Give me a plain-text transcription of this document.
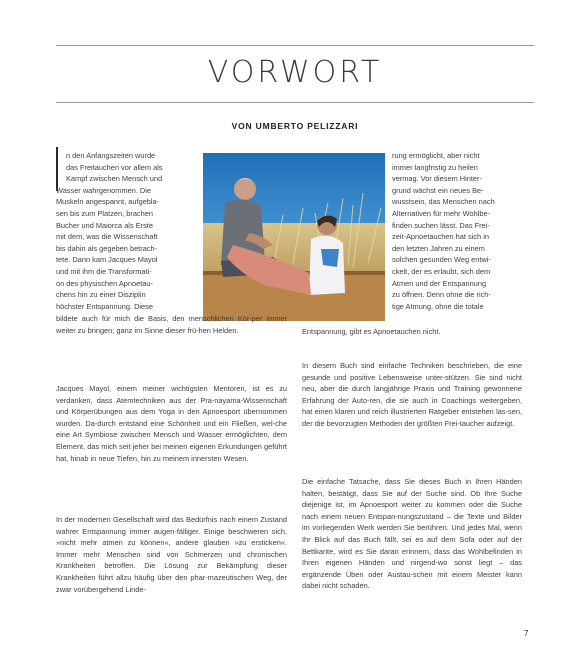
VORWORT
VON UMBERTO PELIZZARI
n den Anfangszeiten wurde
das Freitauchen vor allem als
Kampf zwischen Mensch und
Wasser wahrgenommen. Die
Muskeln angespannt, aufgebla-
sen bis zum Platzen, brachen
Bucher und Maiorca als Erste
mit dem, was die Wissenschaft
bis dahin als gegeben betrach-
tete. Dann kam Jacques Mayol
und mit ihm die Transformati-
on des physischen Apnoetau-
chens hin zu einer Disziplin
höchster Entspannung. Diese
rung ermöglicht, aber nicht
immer langfristig zu heilen
vermag. Vor diesem Hinter-
grund wächst ein neues Be-
wusstsein, das Menschen nach
Alternativen für mehr Wohlbe-
finden suchen lässt. Das Frei-
zeit-Apnoetauchen hat sich in
den letzten Jahren zu einem
solchen gesunden Weg entwi-
ckelt, der es erlaubt, sich dem
Atmen und der Entspannung
zu öffnen. Denn ohne die rich-
tige Atmung, ohne die totale

bildete auch für mich die Basis, den menschlichen Kör-per immer weiter zu bringen; ganz im Sinne dieser frü-hen Helden.

Jacques Mayol, einem meiner wichtigsten Mentoren, ist es zu verdanken, dass Atemtechniken aus der Pra-nayama-Wissenschaft und Körperübungen aus dem Yoga in den Apnoesport übernommen wurden. Da-durch entstand eine Schönheit und ein Fließen, wel-che eine Art Symbiose zwischen Mensch und Wasser ermöglichten, dem Element, das mich seit jeher bei meinen eigenen Erkundungen geführt hat, hinab in neue Tiefen, hin zu meinem innersten Wesen.

In der modernen Gesellschaft wird das Bedürfnis nach einem Zustand wahrer Entspannung immer augen-fälliger. Einige beschweren sich, »nicht mehr atmen zu können«, andere glauben »zu ersticken«. Immer mehr Menschen sind von Schmerzen und chronischen Krankheiten betroffen. Die Lösung zur Bekämpfung dieser Krankheiten führt allzu häufig über den phar-mazeutischen Weg, der zwar vorübergehend Linde-

Entspannung, gibt es Apnoetauchen nicht.

In diesem Buch sind einfache Techniken beschrieben, die eine gesunde und positive Lebensweise unter-stützen. Sie sind nicht neu, aber die durch langjährige Praxis und Training gewonnene Erfahrung der Auto-ren, die sie auch in Coachings weitergeben, hat einen klaren und reich illustrierten Ratgeber entstehen las-sen, der die bevorzugten Methoden der größten Frei-taucher aufzeigt.

Die einfache Tatsache, dass Sie dieses Buch in Ihren Händen halten, bestätigt, dass Sie auf der Suche sind. Ob Ihre Suche diejenige ist, im Apnoesport weiter zu kommen oder die Suche nach einem neuen Entspan-nungszustand – die Texte und Bilder im vorliegenden Werk werden Sie berühren. Und jedes Mal, wenn Ihr Blick auf das Buch fällt, sei es auf dem Sofa oder auf der Bettkante, wird es Sie daran erinnern, dass das Wohlbefinden in Ihren eigenen Händen und nirgend-wo sonst liegt – das ergänzende Üben oder Austau-schen mit einem Meister kann dabei nicht schaden.

7
